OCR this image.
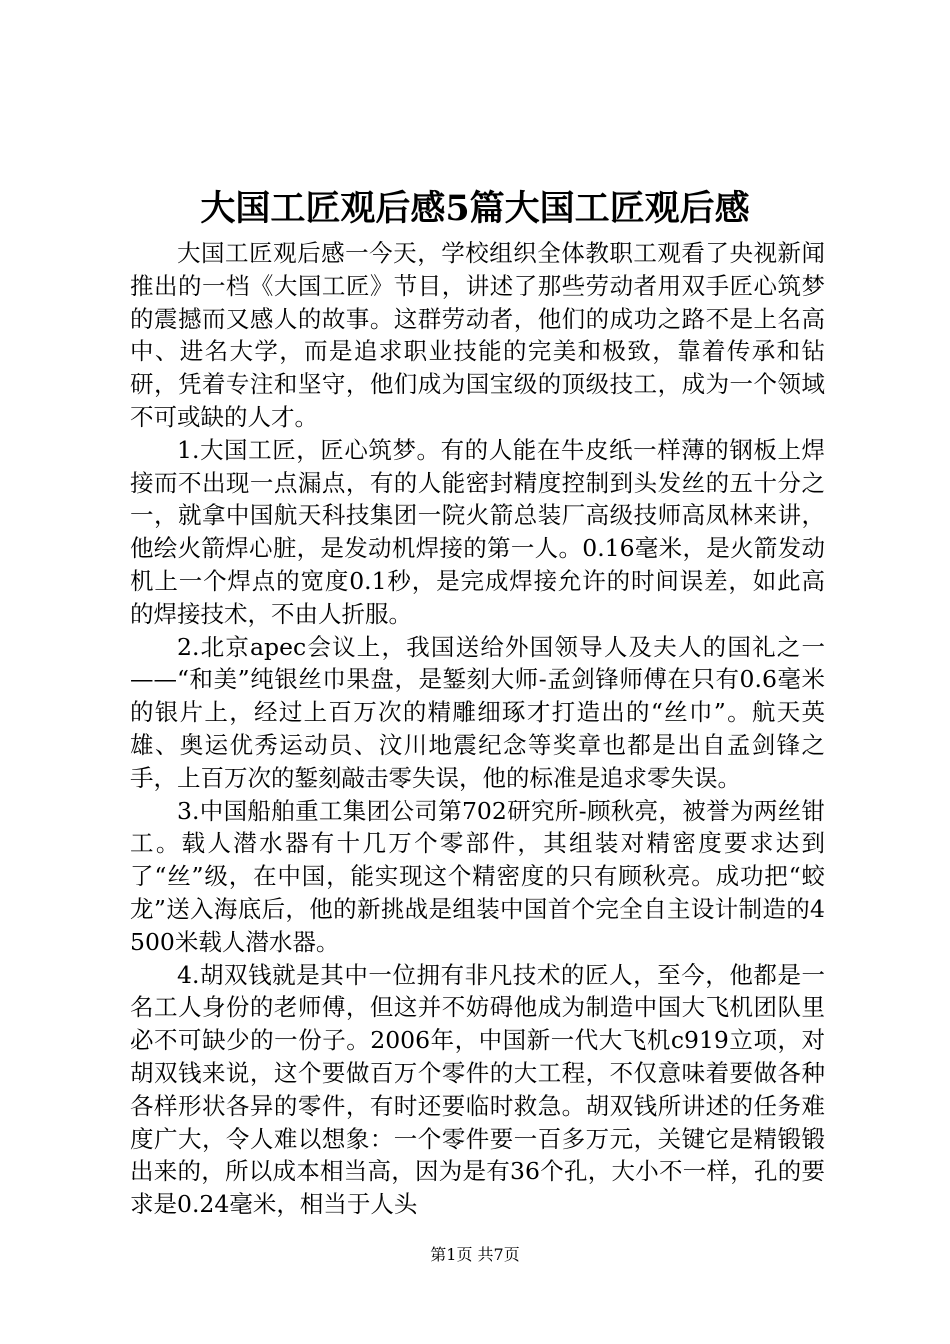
大国工匠观后感5篇大国工匠观后感

大国工匠观后感一今天，学校组织全体教职工观看了央视新闻推出的一档《大国工匠》节目，讲述了那些劳动者用双手匠心筑梦的震撼而又感人的故事。这群劳动者，他们的成功之路不是上名高中、进名大学，而是追求职业技能的完美和极致，靠着传承和钻研，凭着专注和坚守，他们成为国宝级的顶级技工，成为一个领域不可或缺的人才。

1.大国工匠，匠心筑梦。有的人能在牛皮纸一样薄的钢板上焊接而不出现一点漏点，有的人能密封精度控制到头发丝的五十分之一，就拿中国航天科技集团一院火箭总装厂高级技师高凤林来讲，他绘火箭焊心脏，是发动机焊接的第一人。0.16毫米，是火箭发动机上一个焊点的宽度0.1秒，是完成焊接允许的时间误差，如此高的焊接技术，不由人折服。

2.北京apec会议上，我国送给外国领导人及夫人的国礼之一——“和美”纯银丝巾果盘，是錾刻大师-孟剑锋师傅在只有0.6毫米的银片上，经过上百万次的精雕细琢才打造出的“丝巾”。航天英雄、奥运优秀运动员、汶川地震纪念等奖章也都是出自孟剑锋之手，上百万次的錾刻敲击零失误，他的标准是追求零失误。

3.中国船舶重工集团公司第702研究所-顾秋亮，被誉为两丝钳工。载人潜水器有十几万个零部件，其组装对精密度要求达到了“丝”级，在中国，能实现这个精密度的只有顾秋亮。成功把“蛟龙”送入海底后，他的新挑战是组装中国首个完全自主设计制造的4500米载人潜水器。

4.胡双钱就是其中一位拥有非凡技术的匠人，至今，他都是一名工人身份的老师傅，但这并不妨碍他成为制造中国大飞机团队里必不可缺少的一份子。2006年，中国新一代大飞机c919立项，对胡双钱来说，这个要做百万个零件的大工程，不仅意味着要做各种各样形状各异的零件，有时还要临时救急。胡双钱所讲述的任务难度广大，令人难以想象：一个零件要一百多万元，关键它是精锻锻出来的，所以成本相当高，因为是有36个孔，大小不一样，孔的要求是0.24毫米，相当于人头

第1页 共7页
